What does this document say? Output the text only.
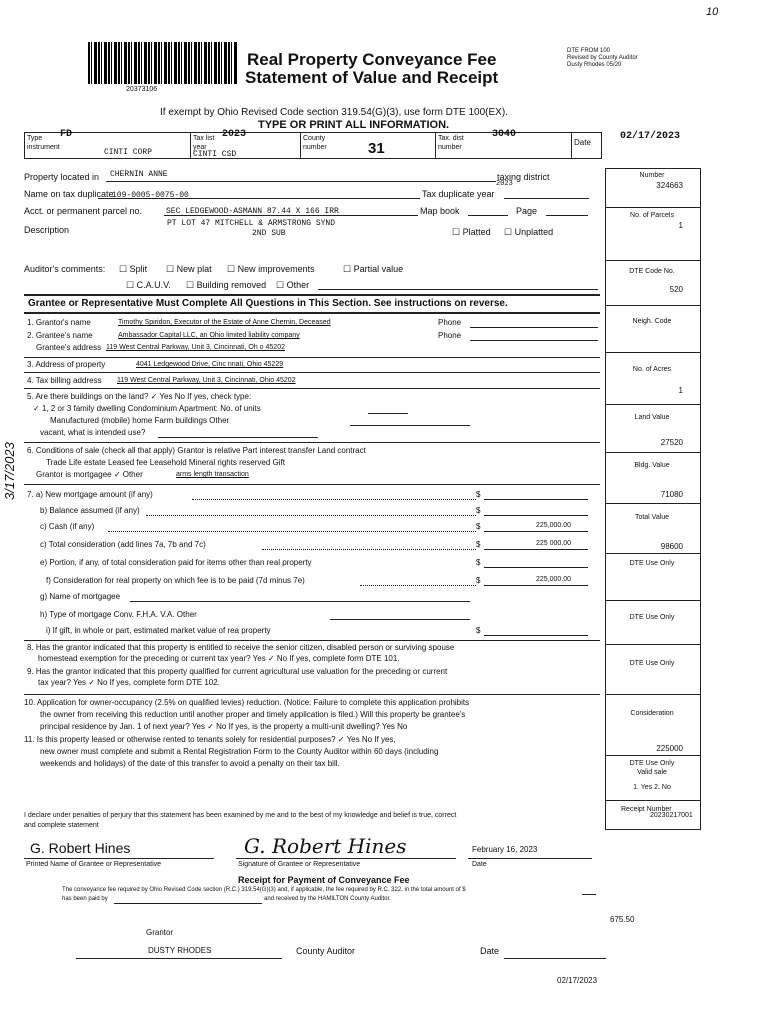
10
20373106
Real Property Conveyance Fee
Statement of Value and Receipt
DTE FROM 100
Revised by County Auditor
Dusty Rhodes 05/20
If exempt by Ohio Revised Code section 319.54(G)(3), use form DTE 100(EX).
TYPE OR PRINT ALL INFORMATION.
Type
instrument
FD
CINTI CORP
Tax list
year
2023
CINTI CSD
County
number	31
Tax. dist
number
3040
Date
02/17/2023
Property located in CHERNIN ANNE	taxing district
2023
Name on tax duplicate
109-0005-0075-00	Tax duplicate year
Acct. or permanent parcel no.	SEC LEDGEWOOD-ASMANN 87.44 X 166 IRR	Map book	Page
Description
PT LOT 47 MITCHELL & ARMSTRONG SYND
2ND SUB	☐ Platted ☐ Unplatted
Auditor's comments: ☐ Split ☐ New plat ☐ New improvements	☐ Partial value
☐ C.A.U.V. ☐ Building removed ☐ Other
Grantee or Representative Must Complete All Questions in This Section. See instructions on reverse.
1. Grantor's name	Timothy Spiridon, Executor of the Estate of Anne Chernin, Deceased	Phone
2. Grantee's name	Ambassador Capital LLC, an Ohio limited liability company	Phone
Grantee's address 119 West Central Parkway, Unit 3, Cincinnati, Oh o 45202
3. Address of property	4041 Ledgewood Drive, Cinc nnati, Ohio 45229
4. Tax billing address 119 West Central Parkway, Unit 3, Cincinnati, Ohio 45202
5. Are there buildings on the land? ✓ Yes No If yes, check type:
✓ 1, 2 or 3 family dwelling Condominium Apartment: No. of units
Manufactured (mobile) home Farm buildings Other
vacant, what is intended use?
6. Conditions of sale (check all that apply) Grantor is relative Part interest transfer Land contract
Trade Life estate Leased fee Leasehold Mineral rights reserved Gift
Grantor is mortgagee ✓ Other	arms length transaction
7. a) New mortgage amount (if any)	$
b) Balance assumed (if any)	$
c) Cash (if any)	$	225,000.00
c) Total consideration (add lines 7a, 7b and 7c)	$	225 000.00
e) Portion, if any, of total consideration paid for items other than real property	$
f) Consideration for real property on which fee is to be paid (7d minus 7e)	$	225,000.00
g) Name of mortgagee
h) Type of mortgage Conv. F.H.A. V.A. Other
i) If gift, in whole or part, estimated market value of rea property	$
8. Has the grantor indicated that this property is entitled to receive the senior citizen, disabled person or surviving spouse
homestead exemption for the preceding or current tax year? Yes ✓ No If yes, complete form DTE 101.
9. Has the grantor indicated that this property qualified for current agricultural use valuation for the preceding or current
tax year? Yes ✓ No If yes, complete form DTE 102.
10. Application for owner-occupancy (2.5% on qualified levies) reduction. (Notice: Failure to complete this application prohibits
the owner from receiving this reduction until another proper and timely application is filed.) Will this property be grantee's
principal residence by Jan. 1 of next year? Yes ✓ No If yes, is the property a multi-unit dwelling? Yes No
11. Is this property leased or otherwise rented to tenants solely for residential purposes? ✓ Yes No If yes,
new owner must complete and submit a Rental Registration Form to the County Auditor within 60 days (including
weekends and holidays) of the date of this transfer to avoid a penalty on their tax bill.
I declare under penalties of perjury that this statement has been examined by me and to the best of my knowledge and belief is true, correct
and complete statement
G. Robert Hines
Printed Name of Grantee or Representative
G. Robert Hines
Signature of Grantee or Representative
February 16, 2023
Date
Receipt for Payment of Conveyance Fee
The conveyance fee required by Ohio Revised Code section (R.C.) 319.54(G)(3) and, if applicable, the fee required by R.C. 322, in the total amount of $
has been paid by	and received by the HAMILTON County Auditor.
675.50
Grantor
DUSTY RHODES	County Auditor	Date
02/17/2023
Number
324663
No. of Parcels
1
DTE Code No.
520
Neigh. Code
No. of Acres
1
Land Value
27520
Bldg. Value
71080
Total Value
98600
DTE Use Only
DTE Use Only
DTE Use Only
Consideration
225000
DTE Use Only
Valid sale
1. Yes 2. No
Receipt Number
20230217001
3/17/2023
